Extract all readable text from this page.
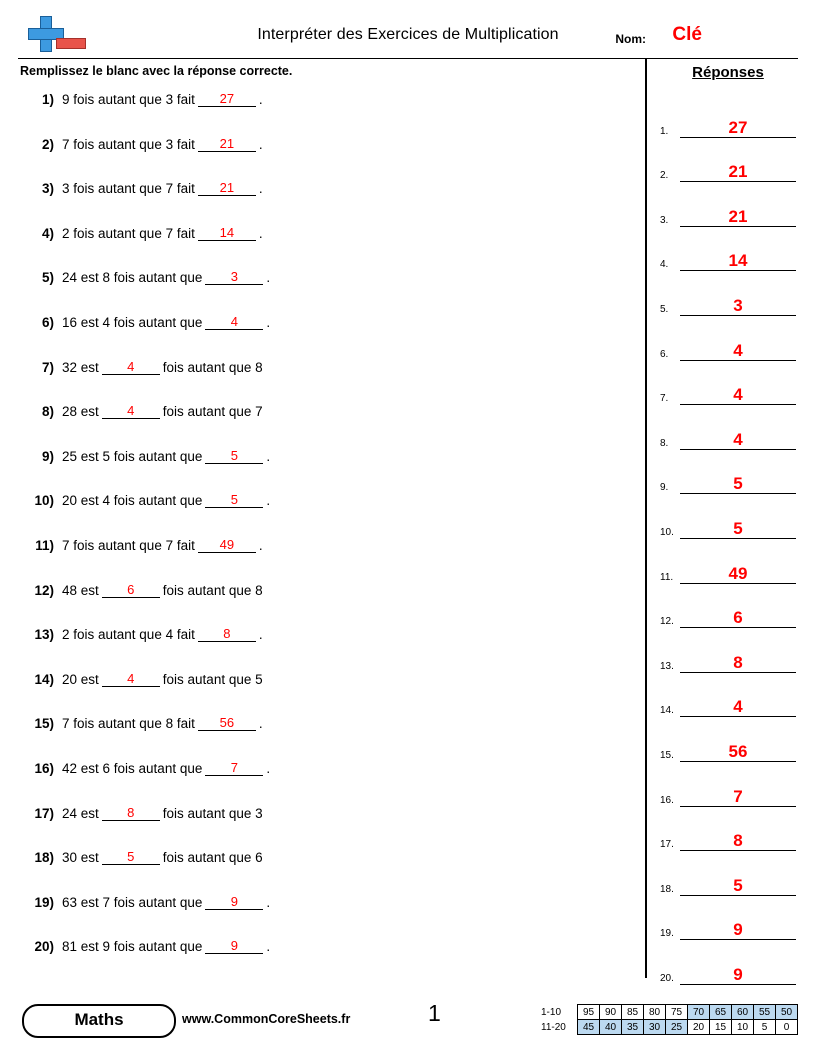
Interpréter des Exercices de Multiplication	Nom: Clé
Remplissez le blanc avec la réponse correcte.
1) 9 fois autant que 3 fait 27 .
2) 7 fois autant que 3 fait 21 .
3) 3 fois autant que 7 fait 21 .
4) 2 fois autant que 7 fait 14 .
5) 24 est 8 fois autant que 3 .
6) 16 est 4 fois autant que 4 .
7) 32 est 4 fois autant que 8
8) 28 est 4 fois autant que 7
9) 25 est 5 fois autant que 5 .
10) 20 est 4 fois autant que 5 .
11) 7 fois autant que 7 fait 49 .
12) 48 est 6 fois autant que 8
13) 2 fois autant que 4 fait 8 .
14) 20 est 4 fois autant que 5
15) 7 fois autant que 8 fait 56 .
16) 42 est 6 fois autant que 7 .
17) 24 est 8 fois autant que 3
18) 30 est 5 fois autant que 6
19) 63 est 7 fois autant que 9 .
20) 81 est 9 fois autant que 9 .
Réponses
1.	27
2.	21
3.	21
4.	14
5.	3
6.	4
7.	4
8.	4
9.	5
10.	5
11.	49
12.	6
13.	8
14.	4
15.	56
16.	7
17.	8
18.	5
19.	9
20.	9
Maths	www.CommonCoreSheets.fr	1	1-10	95	90	85	80	75	70	65	60	55	50
11-20	45	40	35	30	25	20	15	10	5	0
